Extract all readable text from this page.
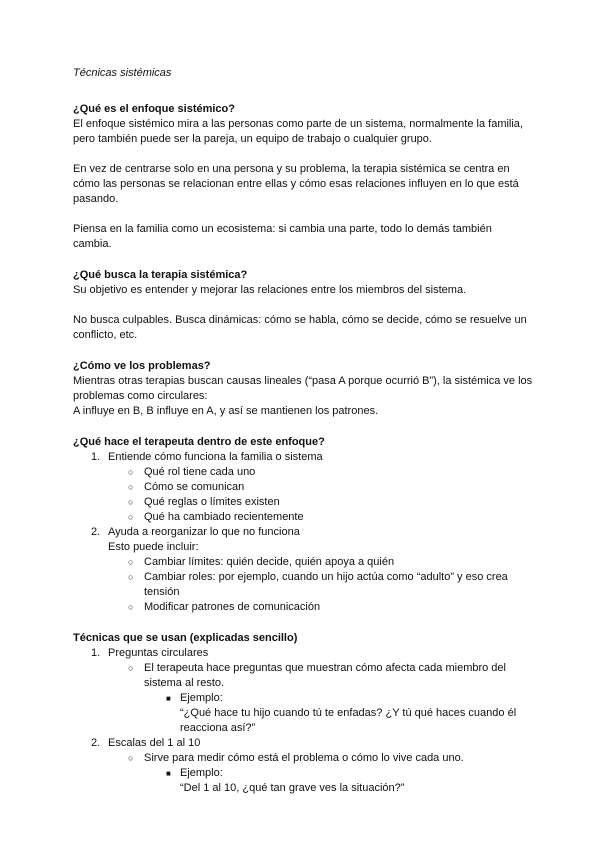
Técnicas sistémicas

¿Qué es el enfoque sistémico?

El enfoque sistémico mira a las personas como parte de un sistema, normalmente la familia, pero también puede ser la pareja, un equipo de trabajo o cualquier grupo.

En vez de centrarse solo en una persona y su problema, la terapia sistémica se centra en cómo las personas se relacionan entre ellas y cómo esas relaciones influyen en lo que está pasando.

Piensa en la familia como un ecosistema: si cambia una parte, todo lo demás también cambia.

¿Qué busca la terapia sistémica?

Su objetivo es entender y mejorar las relaciones entre los miembros del sistema.

No busca culpables. Busca dinámicas: cómo se habla, cómo se decide, cómo se resuelve un conflicto, etc.

¿Cómo ve los problemas?

Mientras otras terapias buscan causas lineales (“pasa A porque ocurrió B”), la sistémica ve los problemas como circulares:

A influye en B, B influye en A, y así se mantienen los patrones.

¿Qué hace el terapeuta dentro de este enfoque?

1. Entiende cómo funciona la familia o sistema
○ Qué rol tiene cada uno
○ Cómo se comunican
○ Qué reglas o límites existen
○ Qué ha cambiado recientemente
2. Ayuda a reorganizar lo que no funciona
Esto puede incluir:
○ Cambiar límites: quién decide, quién apoya a quién
○ Cambiar roles: por ejemplo, cuando un hijo actúa como “adulto” y eso crea tensión
○ Modificar patrones de comunicación

Técnicas que se usan (explicadas sencillo)

1. Preguntas circulares
○ El terapeuta hace preguntas que muestran cómo afecta cada miembro del sistema al resto.
■ Ejemplo:
“¿Qué hace tu hijo cuando tú te enfadas? ¿Y tú qué haces cuando él reacciona así?”
2. Escalas del 1 al 10
○ Sirve para medir cómo está el problema o cómo lo vive cada uno.
■ Ejemplo:
“Del 1 al 10, ¿qué tan grave ves la situación?”
